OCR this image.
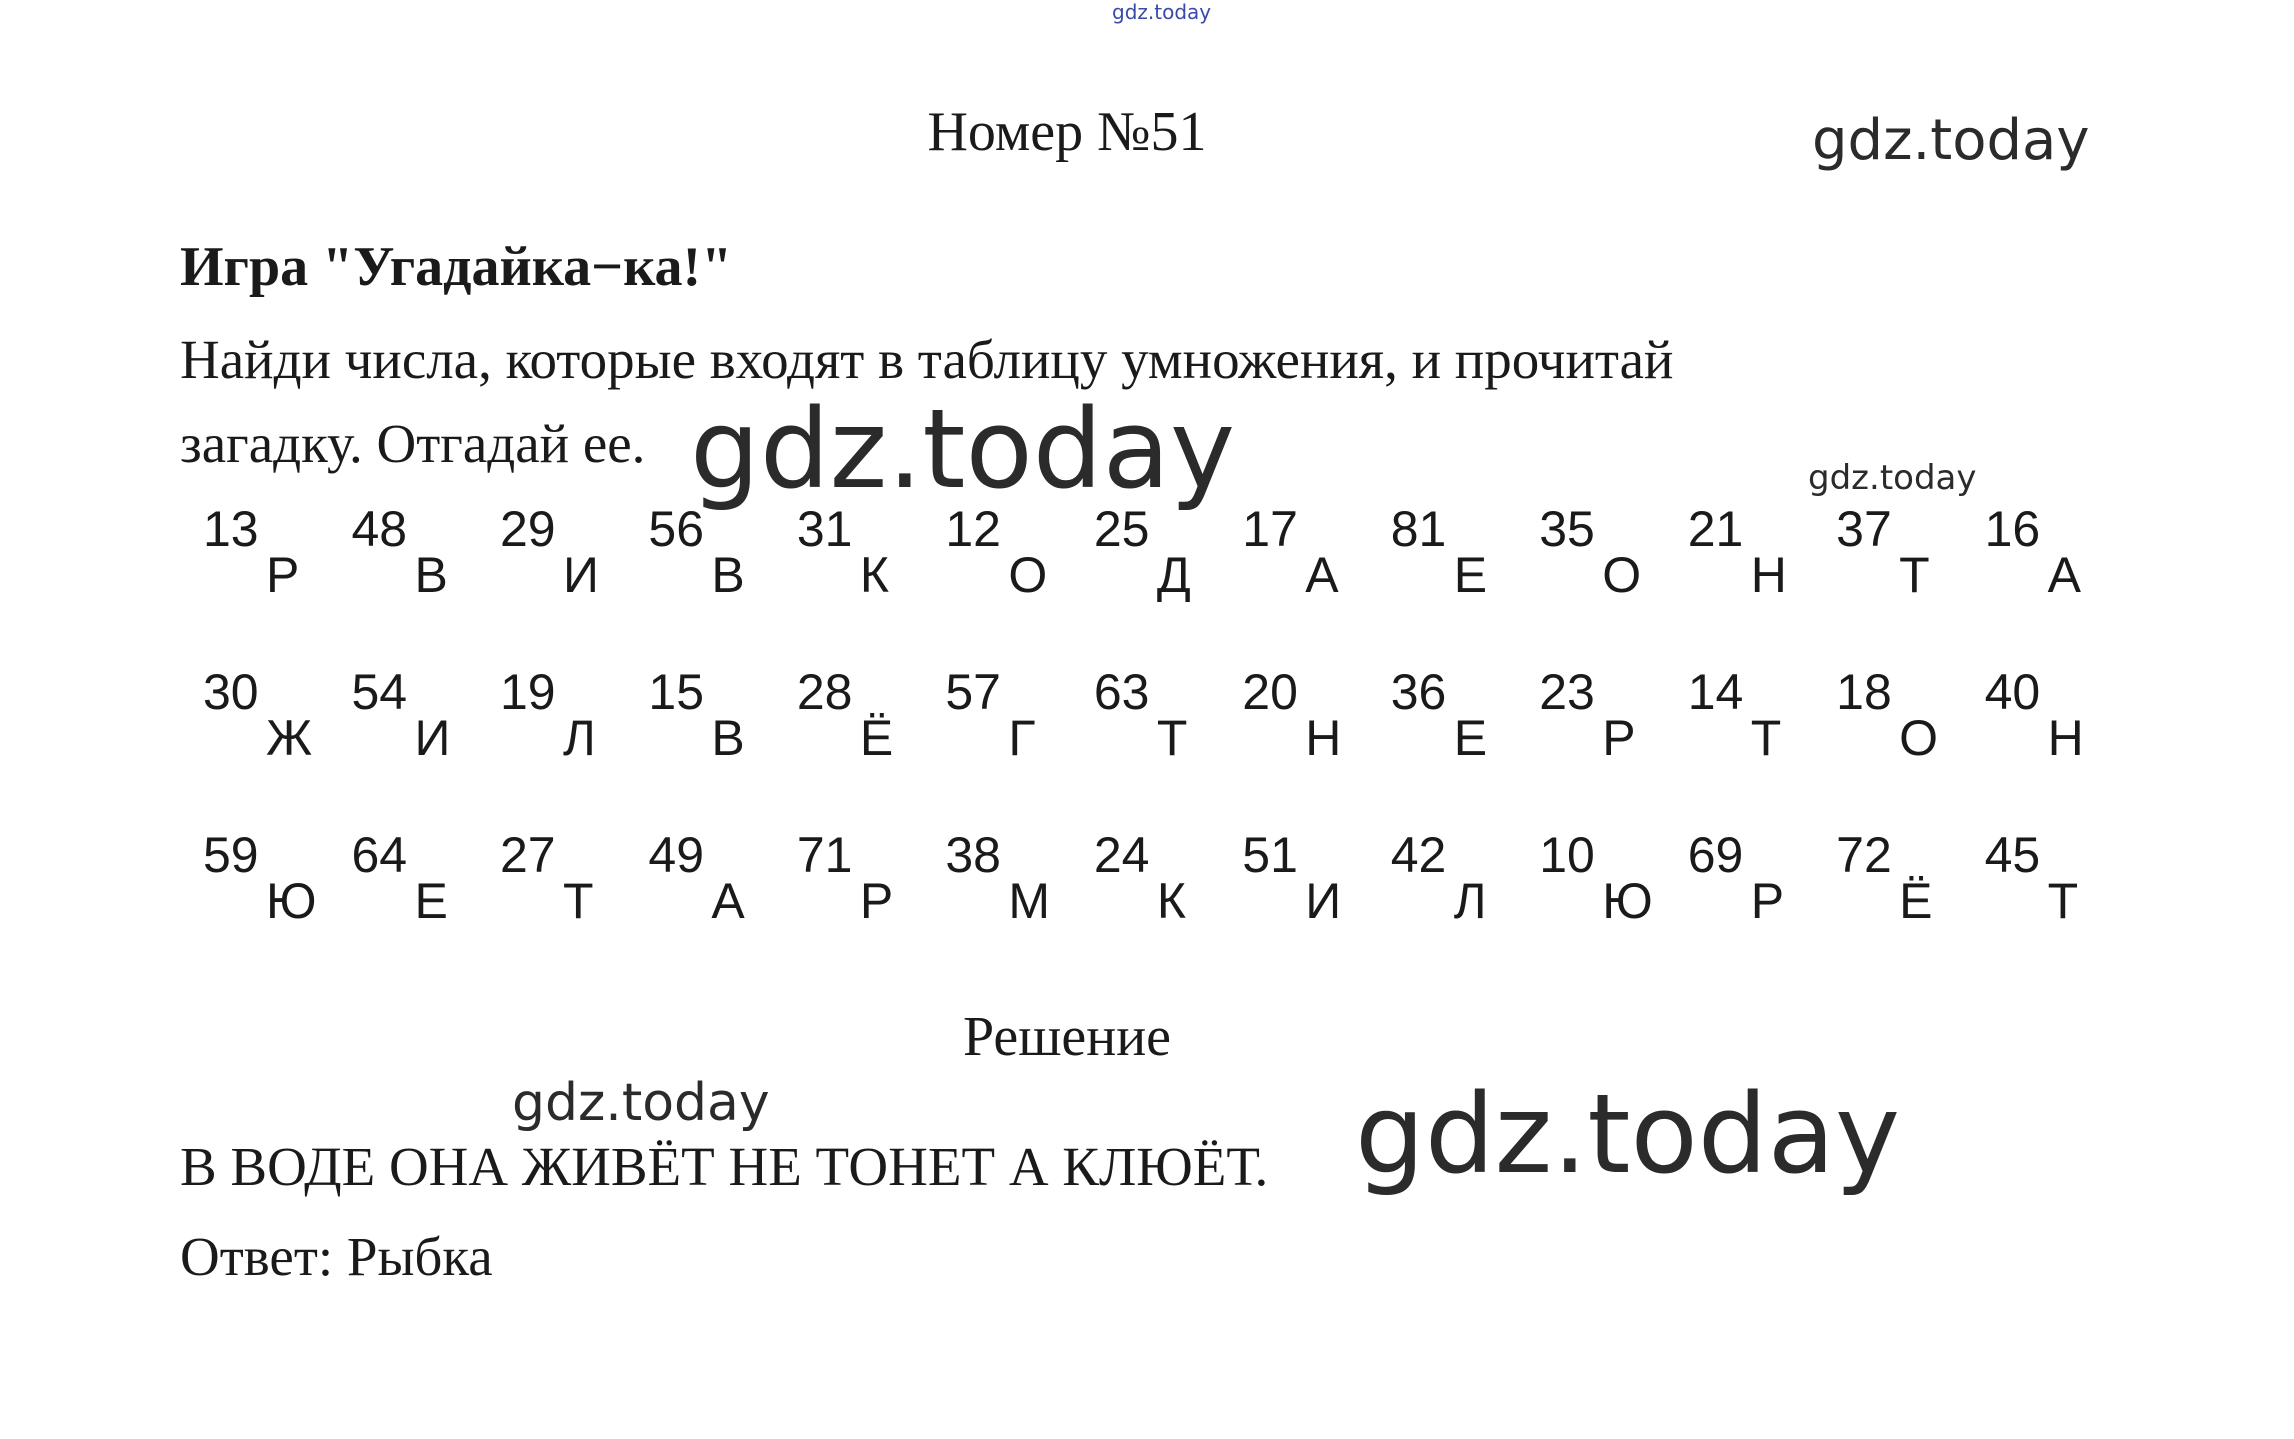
gdz.today
gdz.today
Номер №51
Игра "Угадайка−ка!"
Найди числа, которые входят в таблицу умножения, и прочитай
загадку. Отгадай ее. gdz.today	gdz.today
13
Р
48
В
29
И
56
В
31
К
12
О
25
Д
17
А
81
Е
35
О
21
Н
37
Т
16
А
30
Ж
54
И
19
Л
15
В
28
Ё
57
Г
63
Т
20
Н
36
Е
23
Р
14
Т
18
О
40
Н
59
Ю
64
Е
27
Т
49
А
71
Р
38
М
24
К
51
И
42
Л
10
Ю
69
Р
72
Ё
45
Т
Решение
gdz.today
В ВОДЕ ОНА ЖИВЁТ НЕ ТОНЕТ А КЛЮЁТ. gdz.today
Ответ: Рыбка
